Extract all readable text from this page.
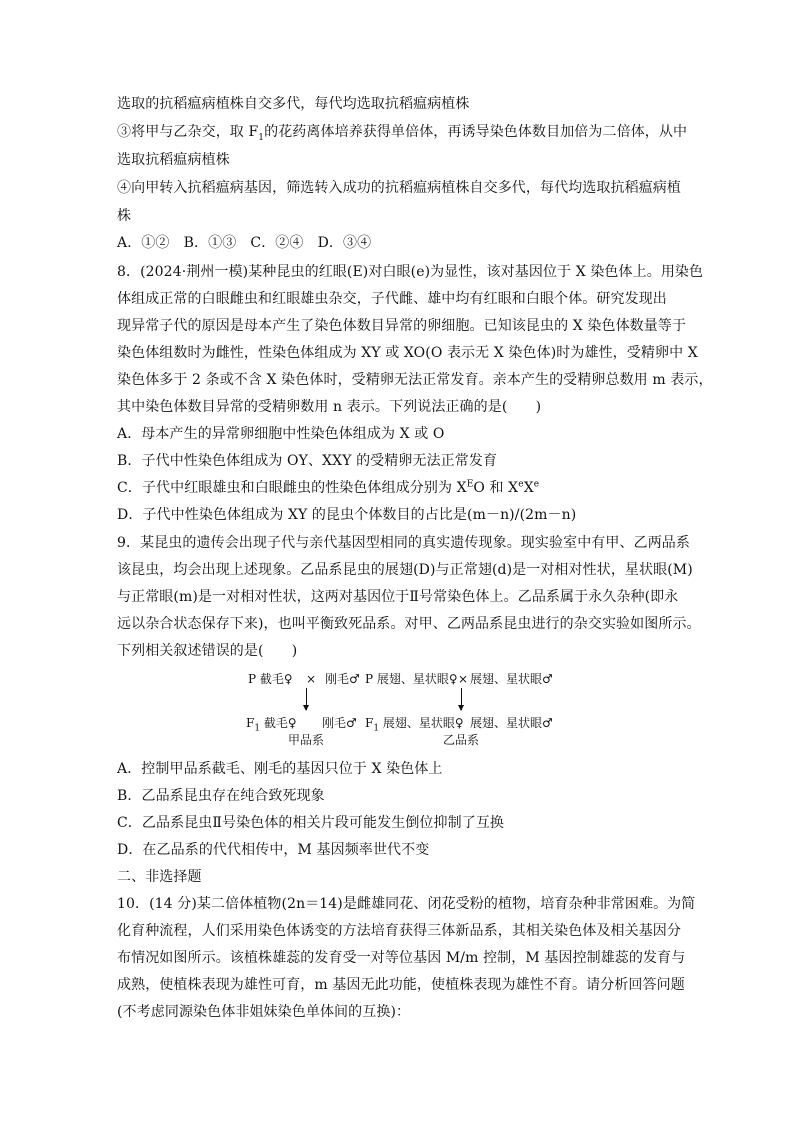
选取的抗稻瘟病植株自交多代，每代均选取抗稻瘟病植株
③将甲与乙杂交，取 $F_1$的花药离体培养获得单倍体，再诱导染色体数目加倍为二倍体，从中
选取抗稻瘟病植株
④向甲转入抗稻瘟病基因，筛选转入成功的抗稻瘟病植株自交多代，每代均选取抗稻瘟病植
株
A．①②　B．①③　C．②④　D．③④
8．(2024·荆州一模)某种昆虫的红眼(E)对白眼(e)为显性，该对基因位于 X 染色体上。用染色
体组成正常的白眼雌虫和红眼雄虫杂交，子代雌、雄中均有红眼和白眼个体。研究发现出
现异常子代的原因是母本产生了染色体数目异常的卵细胞。已知该昆虫的 X 染色体数量等于
染色体组数时为雌性，性染色体组成为 XY 或 XO(O 表示无 X 染色体)时为雄性，受精卵中 X
染色体多于 2 条或不含 X 染色体时，受精卵无法正常发育。亲本产生的受精卵总数用 m 表示，
其中染色体数目异常的受精卵数用 n 表示。下列说法正确的是(　　)
A．母本产生的异常卵细胞中性染色体组成为 X 或 O
B．子代中性染色体组成为 OY、XXY 的受精卵无法正常发育
C．子代中红眼雄虫和白眼雌虫的性染色体组成分别为 $X^EO$ 和 XeXe
D．子代中性染色体组成为 XY 的昆虫个体数目的占比是(m－n)/(2m－n)
9．某昆虫的遗传会出现子代与亲代基因型相同的真实遗传现象。现实验室中有甲、乙两品系
该昆虫，均会出现上述现象。乙品系昆虫的展翅(D)与正常翅(d)是一对相对性状，星状眼(M)
与正常眼(m)是一对相对性状，这两对基因位于Ⅱ号常染色体上。乙品系属于永久杂种(即永
远以杂合状态保存下来)，也叫平衡致死品系。对甲、乙两品系昆虫进行的杂交实验如图所示。
下列相关叙述错误的是(　　)
P 截毛♀ × 刚毛♂ P 展翅、星状眼♀ × 展翅、星状眼♂
$F_1$ 截毛♀ 刚毛♂ $F_1$ 展翅、星状眼♀ 展翅、星状眼♂
甲品系	乙品系
A．控制甲品系截毛、刚毛的基因只位于 X 染色体上
B．乙品系昆虫存在纯合致死现象
C．乙品系昆虫Ⅱ号染色体的相关片段可能发生倒位抑制了互换
D．在乙品系的代代相传中，M 基因频率世代不变
二、非选择题
10．(14 分)某二倍体植物(2n＝14)是雌雄同花、闭花受粉的植物，培育杂种非常困难。为简
化育种流程，人们采用染色体诱变的方法培育获得三体新品系，其相关染色体及相关基因分
布情况如图所示。该植株雄蕊的发育受一对等位基因 M/m 控制，M 基因控制雄蕊的发育与
成熟，使植株表现为雄性可育，m 基因无此功能，使植株表现为雄性不育。请分析回答问题
(不考虑同源染色体非姐妹染色单体间的互换)：
